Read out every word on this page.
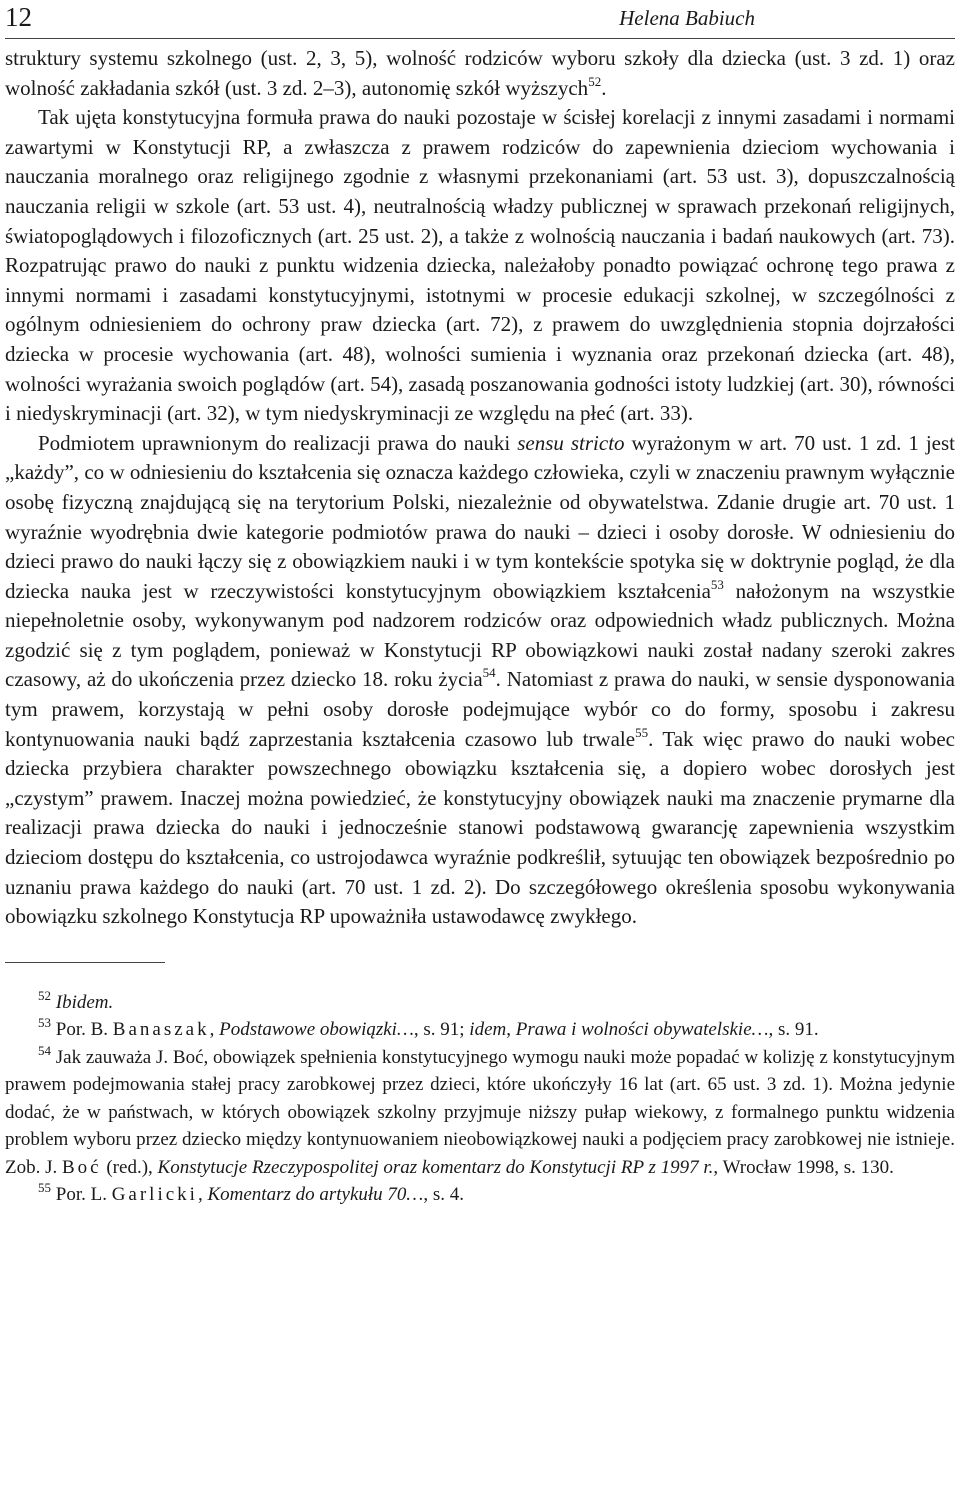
12	Helena Babiuch

struktury systemu szkolnego (ust. 2, 3, 5), wolność rodziców wyboru szkoły dla dziecka (ust. 3 zd. 1) oraz wolność zakładania szkół (ust. 3 zd. 2–3), autonomię szkół wyższych$^{52}$.

Tak ujęta konstytucyjna formuła prawa do nauki pozostaje w ścisłej korelacji z innymi zasadami i normami zawartymi w Konstytucji RP, a zwłaszcza z prawem rodziców do zapewnienia dzieciom wychowania i nauczania moralnego oraz religijnego zgodnie z własnymi przekonaniami (art. 53 ust. 3), dopuszczalnością nauczania religii w szkole (art. 53 ust. 4), neutralnością władzy publicznej w sprawach przekonań religijnych, światopoglądowych i filozoficznych (art. 25 ust. 2), a także z wolnością nauczania i badań naukowych (art. 73). Rozpatrując prawo do nauki z punktu widzenia dziecka, należałoby ponadto powiązać ochronę tego prawa z innymi normami i zasadami konstytucyjnymi, istotnymi w procesie edukacji szkolnej, w szczególności z ogólnym odniesieniem do ochrony praw dziecka (art. 72), z prawem do uwzględnienia stopnia dojrzałości dziecka w procesie wychowania (art. 48), wolności sumienia i wyznania oraz przekonań dziecka (art. 48), wolności wyrażania swoich poglądów (art. 54), zasadą poszanowania godności istoty ludzkiej (art. 30), równości i niedyskryminacji (art. 32), w tym niedyskryminacji ze względu na płeć (art. 33).

Podmiotem uprawnionym do realizacji prawa do nauki sensu stricto wyrażonym w art. 70 ust. 1 zd. 1 jest „każdy”, co w odniesieniu do kształcenia się oznacza każdego człowieka, czyli w znaczeniu prawnym wyłącznie osobę fizyczną znajdującą się na terytorium Polski, niezależnie od obywatelstwa. Zdanie drugie art. 70 ust. 1 wyraźnie wyodrębnia dwie kategorie podmiotów prawa do nauki – dzieci i osoby dorosłe. W odniesieniu do dzieci prawo do nauki łączy się z obowiązkiem nauki i w tym kontekście spotyka się w doktrynie pogląd, że dla dziecka nauka jest w rzeczywistości konstytucyjnym obowiązkiem kształcenia$^{53}$ nałożonym na wszystkie niepełnoletnie osoby, wykonywanym pod nadzorem rodziców oraz odpowiednich władz publicznych. Można zgodzić się z tym poglądem, ponieważ w Konstytucji RP obowiązkowi nauki został nadany szeroki zakres czasowy, aż do ukończenia przez dziecko 18. roku życia$^{54}$. Natomiast z prawa do nauki, w sensie dysponowania tym prawem, korzystają w pełni osoby dorosłe podejmujące wybór co do formy, sposobu i zakresu kontynuowania nauki bądź zaprzestania kształcenia czasowo lub trwale$^{55}$. Tak więc prawo do nauki wobec dziecka przybiera charakter powszechnego obowiązku kształcenia się, a dopiero wobec dorosłych jest „czystym” prawem. Inaczej można powiedzieć, że konstytucyjny obowiązek nauki ma znaczenie prymarne dla realizacji prawa dziecka do nauki i jednocześnie stanowi podstawową gwarancję zapewnienia wszystkim dzieciom dostępu do kształcenia, co ustrojodawca wyraźnie podkreślił, sytuując ten obowiązek bezpośrednio po uznaniu prawa każdego do nauki (art. 70 ust. 1 zd. 2). Do szczegółowego określenia sposobu wykonywania obowiązku szkolnego Konstytucja RP upoważniła ustawodawcę zwykłego.

$^{52}$ Ibidem.

$^{53}$ Por. B. Banaszak, Podstawowe obowiązki…, s. 91; idem, Prawa i wolności obywatelskie…, s. 91.

$^{54}$ Jak zauważa J. Boć, obowiązek spełnienia konstytucyjnego wymogu nauki może popadać w kolizję z konstytucyjnym prawem podejmowania stałej pracy zarobkowej przez dzieci, które ukończyły 16 lat (art. 65 ust. 3 zd. 1). Można jedynie dodać, że w państwach, w których obowiązek szkolny przyjmuje niższy pułap wiekowy, z formalnego punktu widzenia problem wyboru przez dziecko między kontynuowaniem nieobowiązkowej nauki a podjęciem pracy zarobkowej nie istnieje. Zob. J. Boć (red.), Konstytucje Rzeczypospolitej oraz komentarz do Konstytucji RP z 1997 r., Wrocław 1998, s. 130.

$^{55}$ Por. L. Garlicki, Komentarz do artykułu 70…, s. 4.
